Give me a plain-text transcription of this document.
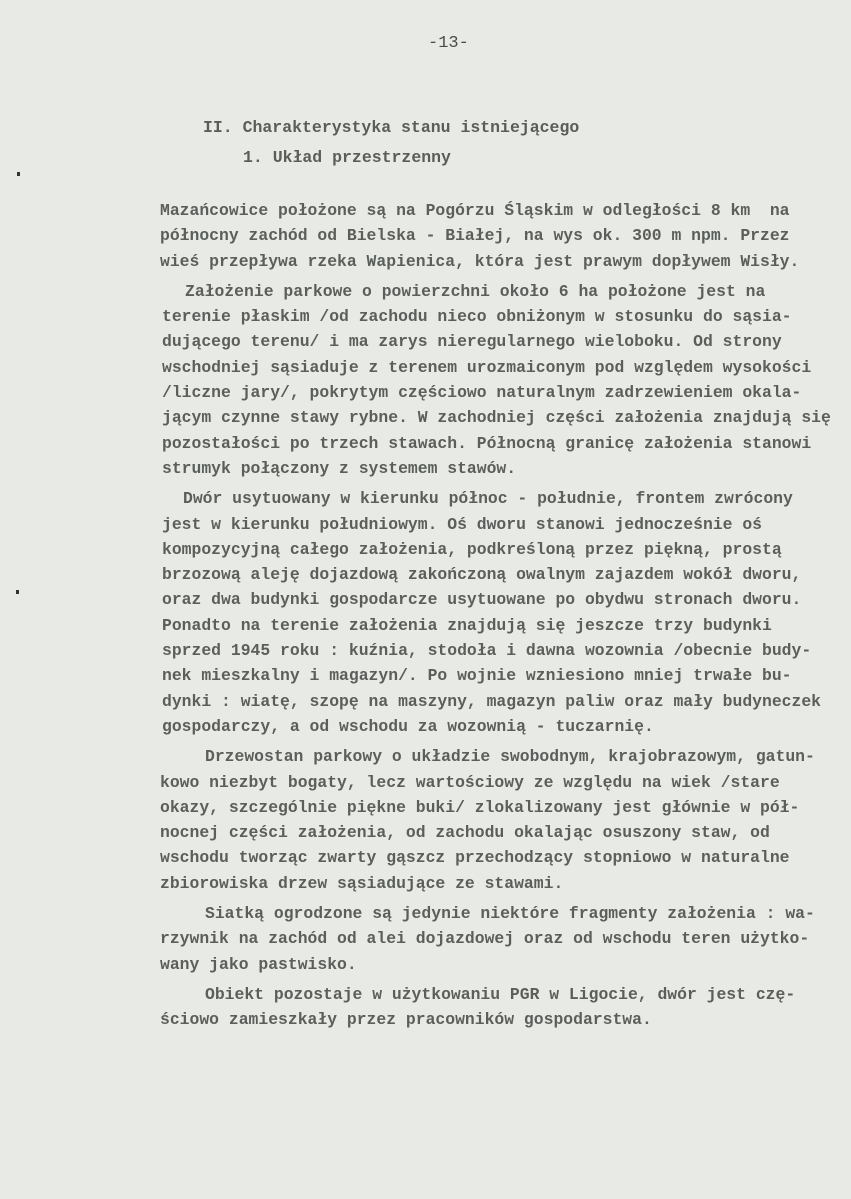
-13-
II. Charakterystyka stanu istniejącego
1. Układ przestrzenny
Mazańcowice położone są na Pogórzu Śląskim w odległości 8 km  na
północny zachód od Bielska - Białej, na wys ok. 300 m npm. Przez
wieś przepływa rzeka Wapienica, która jest prawym dopływem Wisły.
Założenie parkowe o powierzchni około 6 ha położone jest na
terenie płaskim /od zachodu nieco obniżonym w stosunku do sąsia-
dującego terenu/ i ma zarys nieregularnego wieloboku. Od strony
wschodniej sąsiaduje z terenem urozmaiconym pod względem wysokości
/liczne jary/, pokrytym częściowo naturalnym zadrzewieniem okala-
jącym czynne stawy rybne. W zachodniej części założenia znajdują się
pozostałości po trzech stawach. Północną granicę założenia stanowi
strumyk połączony z systemem stawów.
Dwór usytuowany w kierunku północ - południe, frontem zwrócony
jest w kierunku południowym. Oś dworu stanowi jednocześnie oś
kompozycyjną całego założenia, podkreśloną przez piękną, prostą
brzozową aleję dojazdową zakończoną owalnym zajazdem wokół dworu,
oraz dwa budynki gospodarcze usytuowane po obydwu stronach dworu.
Ponadto na terenie założenia znajdują się jeszcze trzy budynki
sprzed 1945 roku : kuźnia, stodoła i dawna wozownia /obecnie budy-
nek mieszkalny i magazyn/. Po wojnie wzniesiono mniej trwałe bu-
dynki : wiatę, szopę na maszyny, magazyn paliw oraz mały budyneczek
gospodarczy, a od wschodu za wozownią - tuczarnię.
Drzewostan parkowy o układzie swobodnym, krajobrazowym, gatun-
kowo niezbyt bogaty, lecz wartościowy ze względu na wiek /stare
okazy, szczególnie piękne buki/ zlokalizowany jest głównie w pół-
nocnej części założenia, od zachodu okalając osuszony staw, od
wschodu tworząc zwarty gąszcz przechodzący stopniowo w naturalne
zbiorowiska drzew sąsiadujące ze stawami.
Siatką ogrodzone są jedynie niektóre fragmenty założenia : wa-
rzywnik na zachód od alei dojazdowej oraz od wschodu teren użytko-
wany jako pastwisko.
Obiekt pozostaje w użytkowaniu PGR w Ligocie, dwór jest czę-
ściowo zamieszkały przez pracowników gospodarstwa.
